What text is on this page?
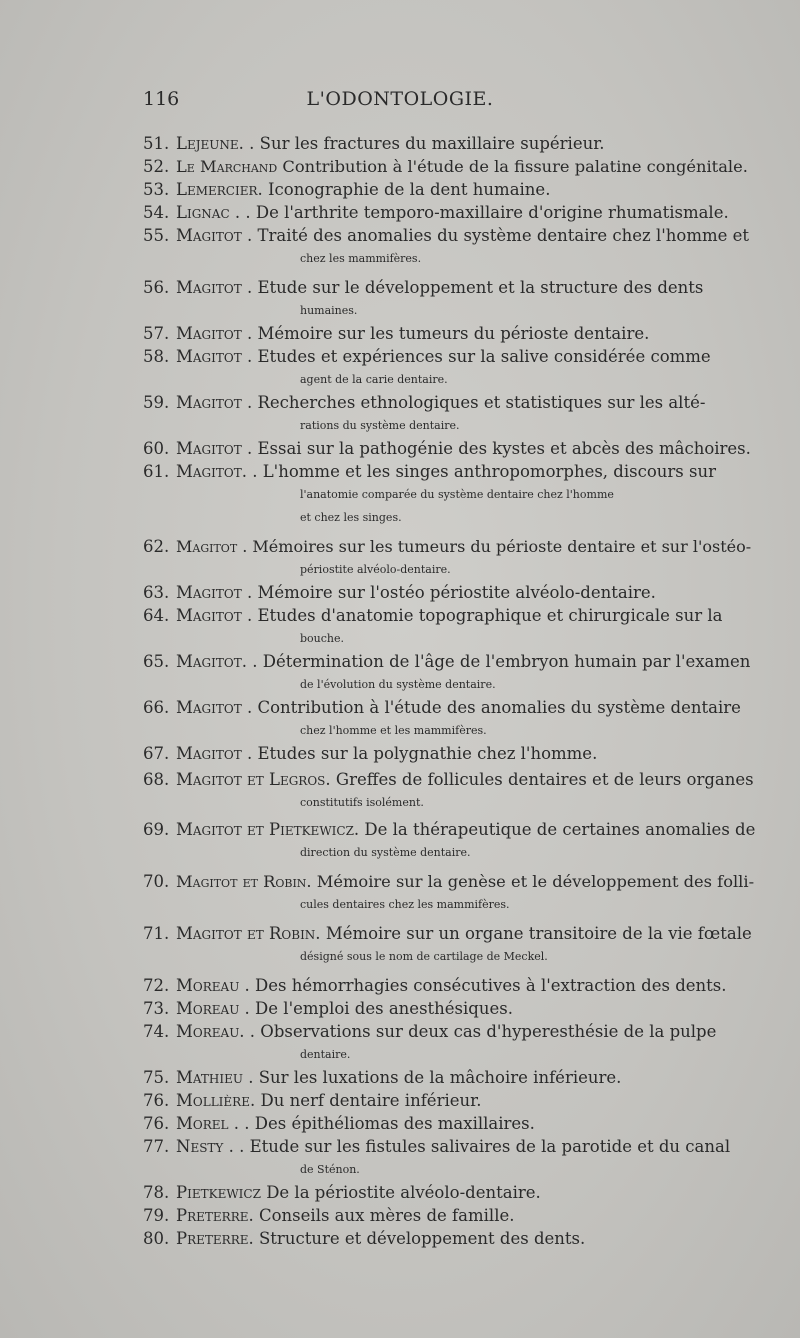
116	L'ODONTOLOGIE.
51. Lejeune. . Sur les fractures du maxillaire supérieur.
52. Le Marchand Contribution à l'étude de la fissure palatine congénitale.
53. Lemercier. Iconographie de la dent humaine.
54. Lignac . . De l'arthrite temporo-maxillaire d'origine rhumatismale.
55. Magitot . Traité des anomalies du système dentaire chez l'homme et
chez les mammifères.
56. Magitot . Etude sur le développement et la structure des dents
humaines.
57. Magitot . Mémoire sur les tumeurs du périoste dentaire.
58. Magitot . Etudes et expériences sur la salive considérée comme
agent de la carie dentaire.
59. Magitot . Recherches ethnologiques et statistiques sur les alté-
rations du système dentaire.
60. Magitot . Essai sur la pathogénie des kystes et abcès des mâchoires.
61. Magitot. . L'homme et les singes anthropomorphes, discours sur
l'anatomie comparée du système dentaire chez l'homme
et chez les singes.
62. Magitot . Mémoires sur les tumeurs du périoste dentaire et sur l'ostéo-
périostite alvéolo-dentaire.
63. Magitot . Mémoire sur l'ostéo périostite alvéolo-dentaire.
64. Magitot . Etudes d'anatomie topographique et chirurgicale sur la
bouche.
65. Magitot. . Détermination de l'âge de l'embryon humain par l'examen
de l'évolution du système dentaire.
66. Magitot . Contribution à l'étude des anomalies du système dentaire
chez l'homme et les mammifères.
67. Magitot . Etudes sur la polygnathie chez l'homme.
68. Magitot et Legros. Greffes de follicules dentaires et de leurs organes
constitutifs isolément.
69. Magitot et Pietkewicz. De la thérapeutique de certaines anomalies de
direction du système dentaire.
70. Magitot et Robin. Mémoire sur la genèse et le développement des folli-
cules dentaires chez les mammifères.
71. Magitot et Robin. Mémoire sur un organe transitoire de la vie fœtale
désigné sous le nom de cartilage de Meckel.
72. Moreau . Des hémorrhagies consécutives à l'extraction des dents.
73. Moreau . De l'emploi des anesthésiques.
74. Moreau. . Observations sur deux cas d'hyperesthésie de la pulpe
dentaire.
75. Mathieu . Sur les luxations de la mâchoire inférieure.
76. Mollière. Du nerf dentaire inférieur.
76. Morel . . Des épithéliomas des maxillaires.
77. Nesty . . Etude sur les fistules salivaires de la parotide et du canal
de Sténon.
78. Pietkewicz De la périostite alvéolo-dentaire.
79. Preterre. Conseils aux mères de famille.
80. Preterre. Structure et développement des dents.
